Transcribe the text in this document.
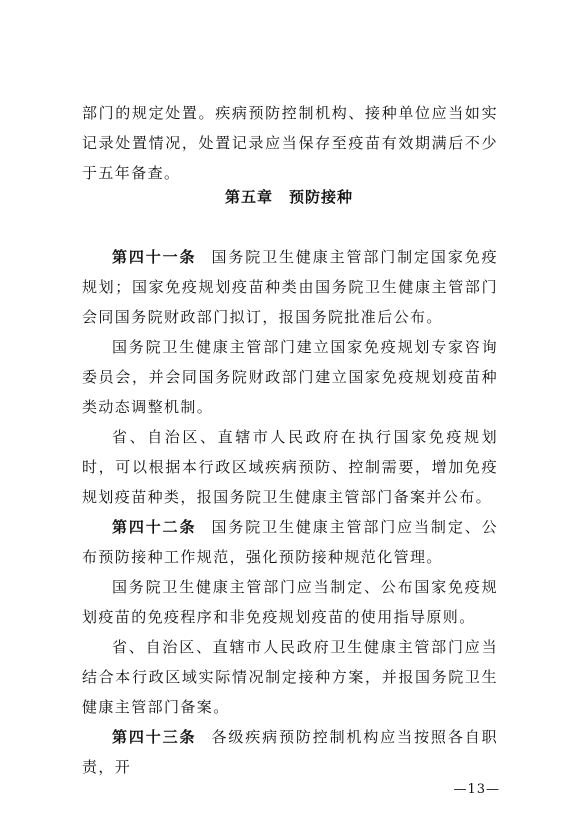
部门的规定处置。疾病预防控制机构、接种单位应当如实记录处置情况，处置记录应当保存至疫苗有效期满后不少于五年备查。

第五章 预防接种

第四十一条 国务院卫生健康主管部门制定国家免疫规划；国家免疫规划疫苗种类由国务院卫生健康主管部门会同国务院财政部门拟订，报国务院批准后公布。

国务院卫生健康主管部门建立国家免疫规划专家咨询委员会，并会同国务院财政部门建立国家免疫规划疫苗种类动态调整机制。

省、自治区、直辖市人民政府在执行国家免疫规划时，可以根据本行政区域疾病预防、控制需要，增加免疫规划疫苗种类，报国务院卫生健康主管部门备案并公布。

第四十二条 国务院卫生健康主管部门应当制定、公布预防接种工作规范，强化预防接种规范化管理。

国务院卫生健康主管部门应当制定、公布国家免疫规划疫苗的免疫程序和非免疫规划疫苗的使用指导原则。

省、自治区、直辖市人民政府卫生健康主管部门应当结合本行政区域实际情况制定接种方案，并报国务院卫生健康主管部门备案。

第四十三条 各级疾病预防控制机构应当按照各自职责，开

—13—
